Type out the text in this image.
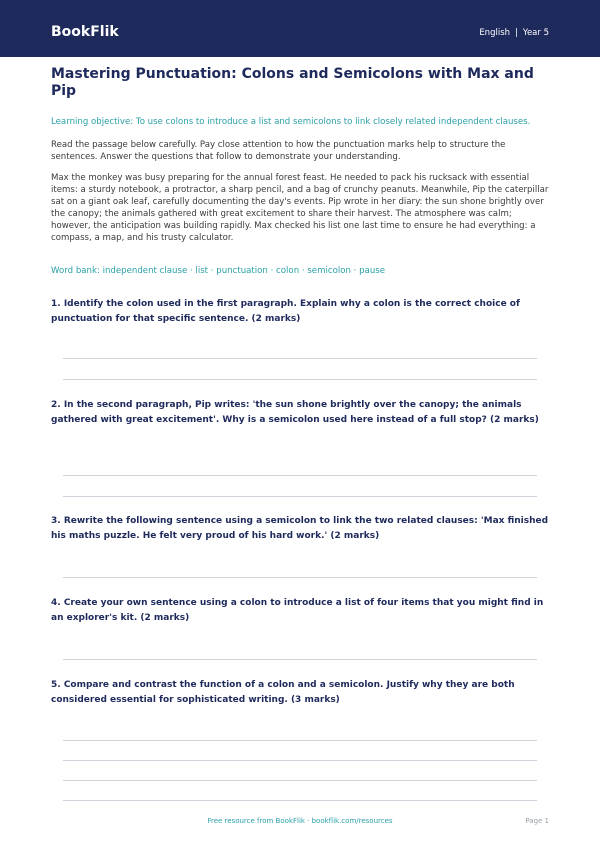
BookFlik	English | Year 5
Mastering Punctuation: Colons and Semicolons with Max and Pip

Learning objective: To use colons to introduce a list and semicolons to link closely related independent clauses.

Read the passage below carefully. Pay close attention to how the punctuation marks help to structure the sentences. Answer the questions that follow to demonstrate your understanding.

Max the monkey was busy preparing for the annual forest feast. He needed to pack his rucksack with essential items: a sturdy notebook, a protractor, a sharp pencil, and a bag of crunchy peanuts. Meanwhile, Pip the caterpillar sat on a giant oak leaf, carefully documenting the day's events. Pip wrote in her diary: the sun shone brightly over the canopy; the animals gathered with great excitement to share their harvest. The atmosphere was calm; however, the anticipation was building rapidly. Max checked his list one last time to ensure he had everything: a compass, a map, and his trusty calculator.

Word bank: independent clause · list · punctuation · colon · semicolon · pause

1. Identify the colon used in the first paragraph. Explain why a colon is the correct choice of punctuation for that specific sentence. (2 marks)

2. In the second paragraph, Pip writes: 'the sun shone brightly over the canopy; the animals gathered with great excitement'. Why is a semicolon used here instead of a full stop? (2 marks)

3. Rewrite the following sentence using a semicolon to link the two related clauses: 'Max finished his maths puzzle. He felt very proud of his hard work.' (2 marks)

4. Create your own sentence using a colon to introduce a list of four items that you might find in an explorer's kit. (2 marks)

5. Compare and contrast the function of a colon and a semicolon. Justify why they are both considered essential for sophisticated writing. (3 marks)

Free resource from BookFlik · bookflik.com/resources	Page 1
